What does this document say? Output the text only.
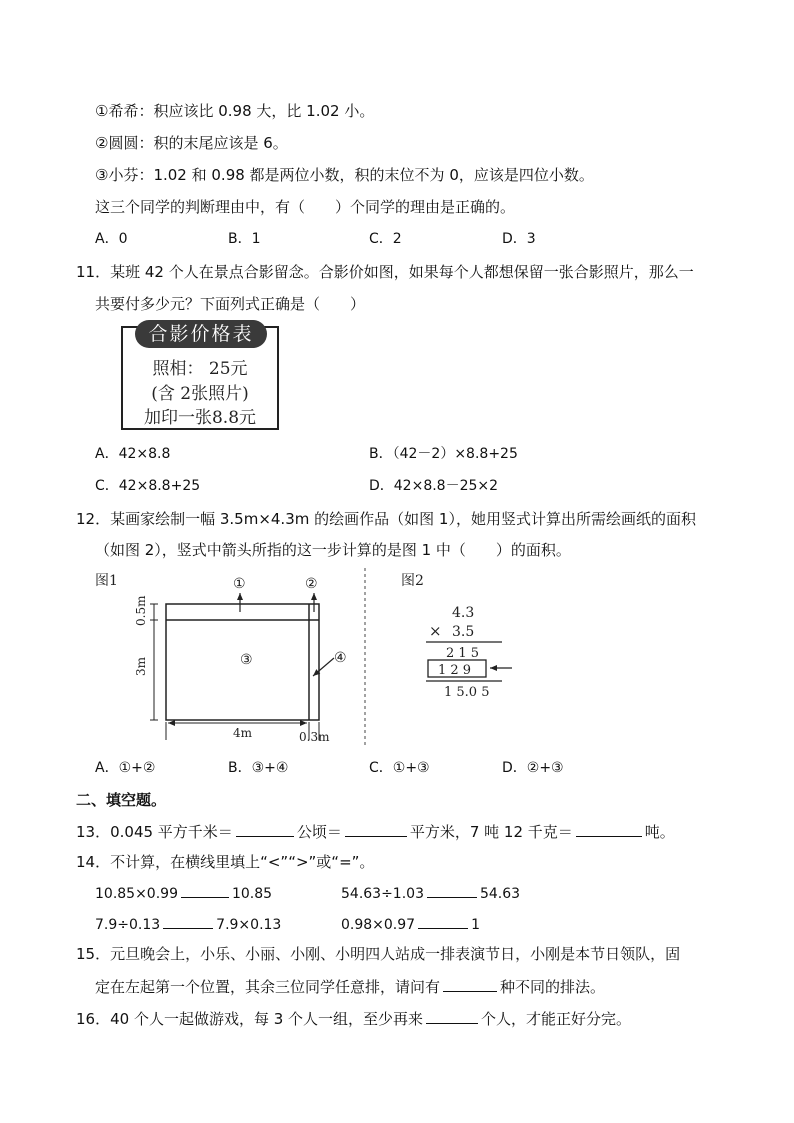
①希希：积应该比 0.98 大，比 1.02 小。
②圆圆：积的末尾应该是 6。
③小芬：1.02 和 0.98 都是两位小数，积的末位不为 0，应该是四位小数。
这三个同学的判断理由中，有（　　）个同学的理由是正确的。
A．0	B．1	C．2	D．3
11．某班 42 个人在景点合影留念。合影价如图，如果每个人都想保留一张合影照片，那么一
共要付多少元？下面列式正确是（　　）
合影价格表
照相： 25元
(含 2张照片)
加印一张8.8元
A．42×8.8	B．（42－2）×8.8+25
C．42×8.8+25	D．42×8.8－25×2
12．某画家绘制一幅 3.5m×4.3m 的绘画作品（如图 1），她用竖式计算出所需绘画纸的面积
（如图 2），竖式中箭头所指的这一步计算的是图 1 中（　　）的面积。
图1	①	②
③	④
0.5m
3m
4m	0.3m
图2
4.3
× 3.5
2 1 5
1 2 9
1 5.0 5
A．①+②	B．③+④	C．①+③	D．②+③
二、填空题。
13．0.045 平方千米＝	公顷＝	平方米，7 吨 12 千克＝	吨。
14．不计算，在横线里填上“<”“>”或“=”。
10.85×0.99	10.85	54.63÷1.03	54.63
7.9÷0.13	7.9×0.13	0.98×0.97	1
15．元旦晚会上，小乐、小丽、小刚、小明四人站成一排表演节日，小刚是本节日领队，固
定在左起第一个位置，其余三位同学任意排，请问有	种不同的排法。
16．40 个人一起做游戏，每 3 个人一组，至少再来	个人，才能正好分完。
